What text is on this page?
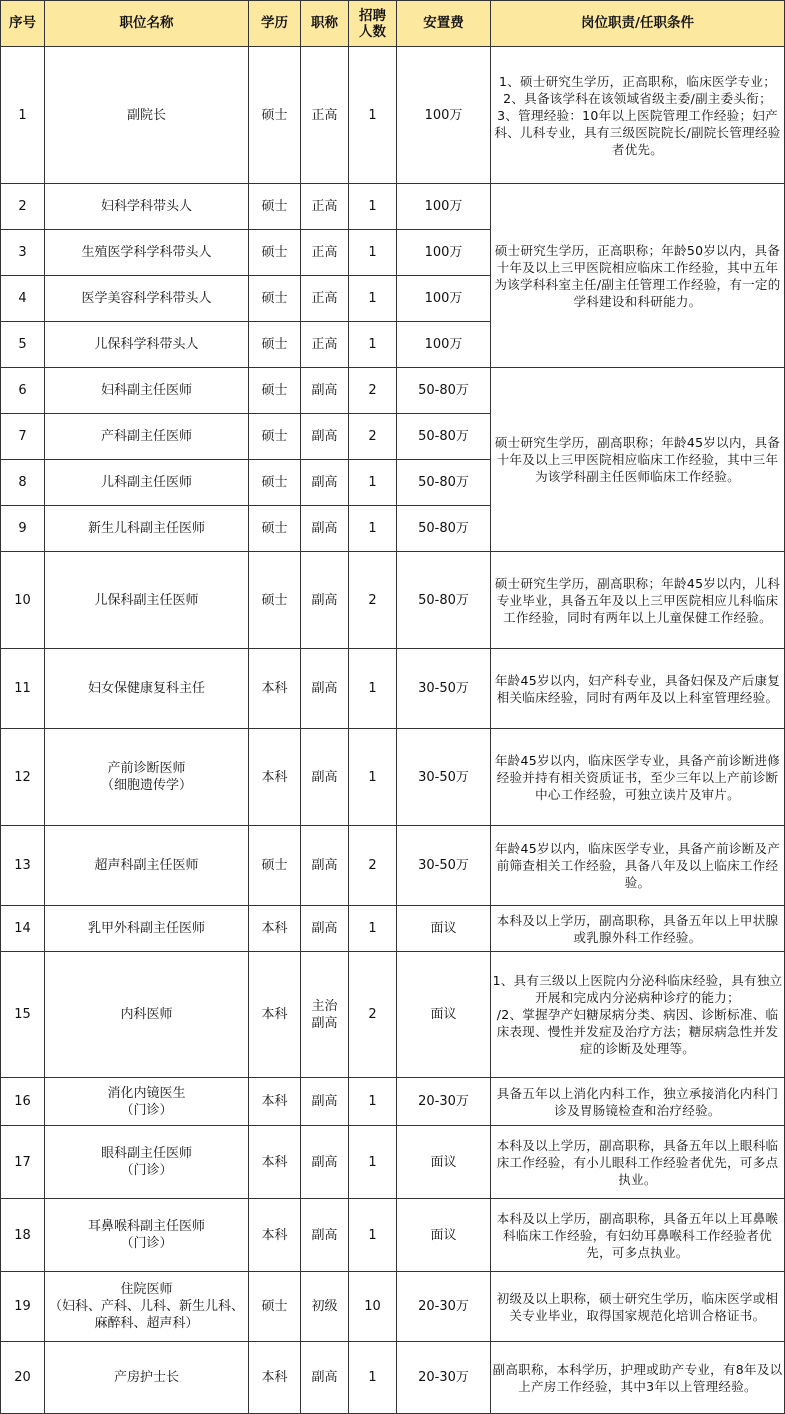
序号	职位名称	学历	职称	招聘人数	安置费	岗位职责/任职条件
1	副院长	硕士	正高	1	100万	1、硕士研究生学历，正高职称，临床医学专业；
2、具备该学科在该领域省级主委/副主委头衔；
3、管理经验：10年以上医院管理工作经验；妇产科、儿科专业，具有三级医院院长/副院长管理经验者优先。
2	妇科学科带头人	硕士	正高	1	100万	硕士研究生学历，正高职称；年龄50岁以内，具备十年及以上三甲医院相应临床工作经验，其中五年为该学科科室主任/副主任管理工作经验，有一定的学科建设和科研能力。
3	生殖医学科学科带头人	硕士	正高	1	100万	
4	医学美容科学科带头人	硕士	正高	1	100万	
5	儿保科学科带头人	硕士	正高	1	100万	
6	妇科副主任医师	硕士	副高	2	50-80万	硕士研究生学历，副高职称；年龄45岁以内，具备十年及以上三甲医院相应临床工作经验，其中三年为该学科副主任医师临床工作经验。
7	产科副主任医师	硕士	副高	2	50-80万	
8	儿科副主任医师	硕士	副高	1	50-80万	
9	新生儿科副主任医师	硕士	副高	1	50-80万	
10	儿保科副主任医师	硕士	副高	2	50-80万	硕士研究生学历，副高职称；年龄45岁以内，儿科专业毕业，具备五年及以上三甲医院相应儿科临床工作经验，同时有两年以上儿童保健工作经验。
11	妇女保健康复科主任	本科	副高	1	30-50万	年龄45岁以内，妇产科专业，具备妇保及产后康复相关临床经验，同时有两年及以上科室管理经验。
12	产前诊断医师
（细胞遗传学）	本科	副高	1	30-50万	年龄45岁以内，临床医学专业，具备产前诊断进修经验并持有相关资质证书，至少三年以上产前诊断中心工作经验，可独立读片及审片。
13	超声科副主任医师	硕士	副高	2	30-50万	年龄45岁以内，临床医学专业，具备产前诊断及产前筛查相关工作经验，具备八年及以上临床工作经验。
14	乳甲外科副主任医师	本科	副高	1	面议	本科及以上学历，副高职称，具备五年以上甲状腺或乳腺外科工作经验。
15	内科医师	本科	主治
副高	2	面议	1、具有三级以上医院内分泌科临床经验，具有独立开展和完成内分泌病种诊疗的能力；
/2、掌握孕产妇糖尿病分类、病因、诊断标准、临床表现、慢性并发症及治疗方法；糖尿病急性并发症的诊断及处理等。
16	消化内镜医生
（门诊）	本科	副高	1	20-30万	具备五年以上消化内科工作，独立承接消化内科门诊及胃肠镜检查和治疗经验。
17	眼科副主任医师
（门诊）	本科	副高	1	面议	本科及以上学历，副高职称，具备五年以上眼科临床工作经验，有小儿眼科工作经验者优先，可多点执业。
18	耳鼻喉科副主任医师
（门诊）	本科	副高	1	面议	本科及以上学历，副高职称，具备五年以上耳鼻喉科临床工作经验，有妇幼耳鼻喉科工作经验者优先，可多点执业。
19	住院医师
（妇科、产科、儿科、新生儿科、麻醉科、超声科）	硕士	初级	10	20-30万	初级及以上职称，硕士研究生学历，临床医学或相关专业毕业，取得国家规范化培训合格证书。
20	产房护士长	本科	副高	1	20-30万	副高职称，本科学历，护理或助产专业，有8年及以上产房工作经验，其中3年以上管理经验。
